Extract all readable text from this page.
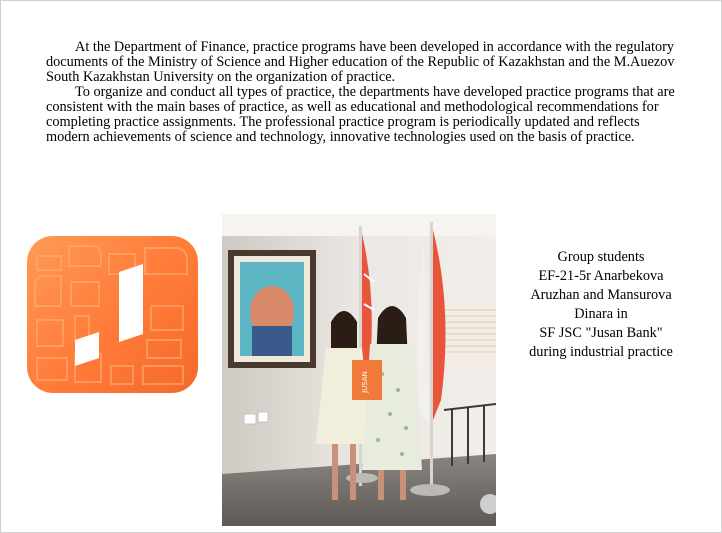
At the Department of Finance, practice programs have been developed in accordance with the regulatory documents of the Ministry of Science and Higher education of the Republic of Kazakhstan and the M.Auezov South Kazakhstan University on the organization of practice.

To organize and conduct all types of practice, the departments have developed practice programs that are consistent with the main bases of practice, as well as educational and methodological recommendations for completing practice assignments. The professional practice program is periodically updated and reflects modern achievements of science and technology, innovative technologies used on the basis of practice.

JUSAN
Group students
EF-21-5r Anarbekova
Aruzhan and Mansurova
Dinara in
SF JSC "Jusan Bank"
during industrial practice
